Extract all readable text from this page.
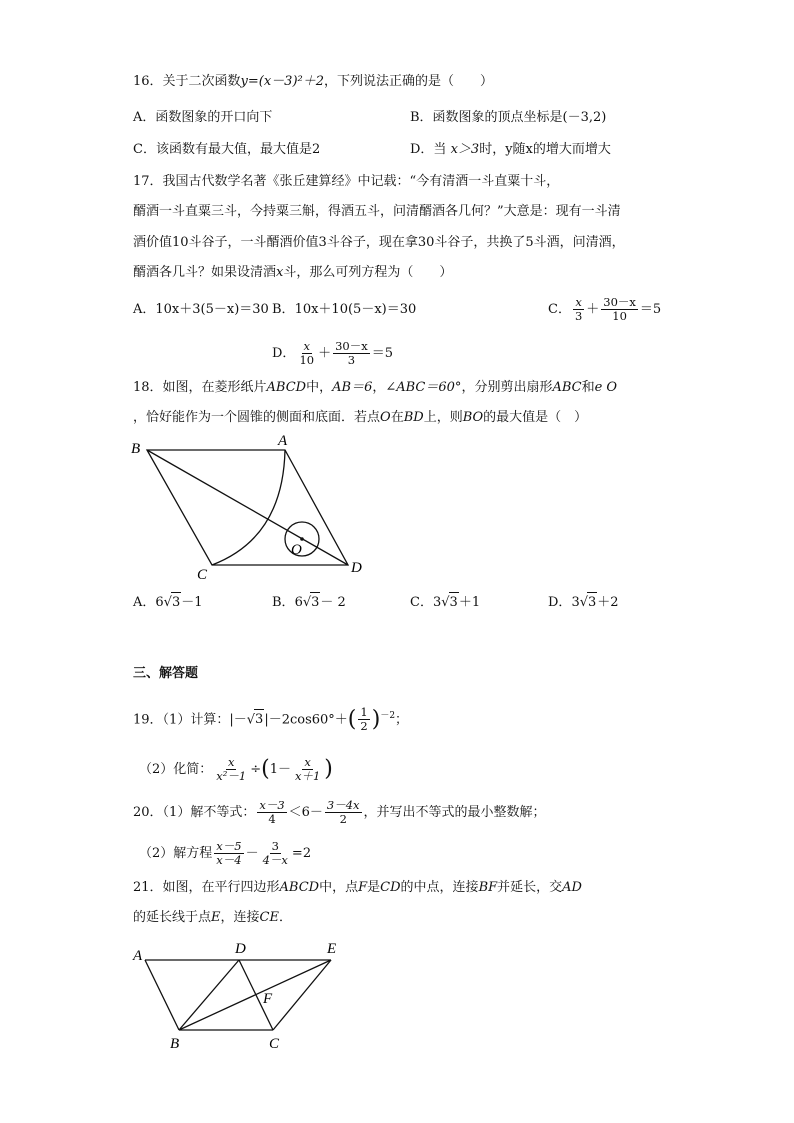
16．关于二次函数y=(x－3)²＋2，下列说法正确的是（　　）
A．函数图象的开口向下	B．函数图象的顶点坐标是(－3,2)
C．该函数有最大值，最大值是2	D．当 x＞3时，y随x的增大而增大
17．我国古代数学名著《张丘建算经》中记载：“今有清酒一斗直粟十斗，
醑酒一斗直粟三斗，今持粟三斛，得酒五斗，问清醑酒各几何？”大意是：现有一斗清
酒价值10斗谷子，一斗醑酒价值3斗谷子，现在拿30斗谷子，共换了5斗酒，问清酒，
醑酒各几斗？如果设清酒x斗，那么可列方程为（　　）
A．10x＋3(5－x)＝30 B．10x＋10(5－x)＝30	C． $\frac{x}{3} + \frac{30-x}{10} =5$
D． $\frac{x}{10} + \frac{30-x}{3} =5$
18．如图，在菱形纸片ABCD中，AB＝6，∠ABC＝60°，分别剪出扇形ABC和e O
，恰好能作为一个圆锥的侧面和底面．若点O在BD上，则BO的最大值是（　）
B	A
C	D
O
A．6√3－1	B．6√3－ 2	C．3√3＋1	D．3√3＋2
三、解答题
19．（1）计算：$|-√3|-2\cos 60^\circ+( \frac{1}{2} )^{-2}$；
（2）化简： $\frac{x}{\text{x²－1}} \div(1- \frac{x}{x+1}$ )
20．（1）解不等式： $\frac{x-3}{4} <6- \frac{3-4x}{2}$ ，并写出不等式的最小整数解；
（2）解方程 $\frac{x-5}{x-4} - \frac{3}{4-x} =2$
21．如图，在平行四边形ABCD中，点F是CD的中点，连接BF并延长，交AD
的延长线于点E，连接CE．
A	D	E
F
B	C
